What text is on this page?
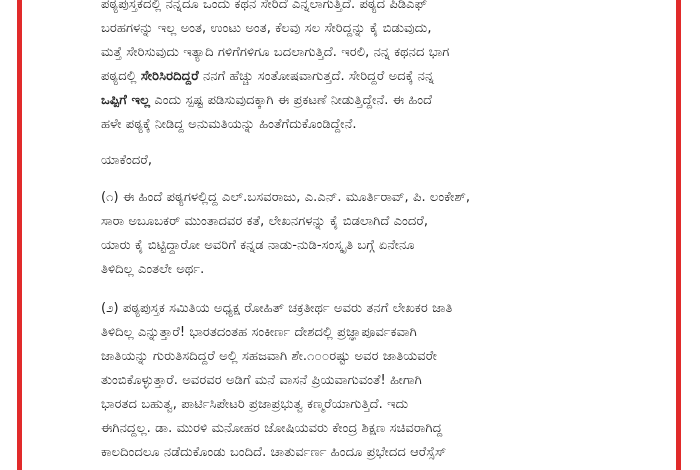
ಪಠ್ಯಪುಸ್ತಕದಲ್ಲಿ ನನ್ನದೂ ಒಂದು ಕಥನ ಸೇರಿದೆ ಎನ್ನಲಾಗುತ್ತಿದೆ. ಪಠ್ಯದ ಪಿಡಿಎಫ್
ಬರಹಗಳನ್ನು ಇಲ್ಲ ಅಂತ, ಉಂಟು ಅಂತ, ಕೆಲವು ಸಲ ಸೇರಿದ್ದನ್ನು ಕೈ ಬಿಡುವುದು,
ಮತ್ತೆ ಸೇರಿಸುವುದು ಇತ್ಯಾದಿ ಗಳಿಗೆಗಳಿಗೂ ಬದಲಾಗುತ್ತಿದೆ. ಇರಲಿ, ನನ್ನ ಕಥನದ ಭಾಗ
ಪಠ್ಯದಲ್ಲಿ ಸೇರಿಸಿರದಿದ್ದರೆ ನನಗೆ ಹೆಚ್ಚು ಸಂತೋಷವಾಗುತ್ತದೆ. ಸೇರಿದ್ದರೆ ಅದಕ್ಕೆ ನನ್ನ
ಒಪ್ಪಿಗೆ ಇಲ್ಲ ಎಂದು ಸ್ಪಷ್ಟ ಪಡಿಸುವುದಕ್ಕಾಗಿ ಈ ಪ್ರಕಟಣೆ ನೀಡುತ್ತಿದ್ದೇನೆ. ಈ ಹಿಂದೆ
ಹಳೇ ಪಠ್ಯಕ್ಕೆ ನೀಡಿದ್ದ ಅನುಮತಿಯನ್ನು ಹಿಂತೆಗೆದುಕೊಂಡಿದ್ದೇನೆ.

ಯಾಕೆಂದರೆ,

(೧) ಈ ಹಿಂದೆ ಪಠ್ಯಗಳಲ್ಲಿದ್ದ ಎಲ್.ಬಸವರಾಜು, ಎ.ಎನ್. ಮೂರ್ತಿರಾವ್, ಪಿ. ಲಂಕೇಶ್,
ಸಾರಾ ಅಬೂಬಕರ್ ಮುಂತಾದವರ ಕತೆ, ಲೇಖನಗಳನ್ನು ಕೈ ಬಿಡಲಾಗಿದೆ ಎಂದರೆ,
ಯಾರು ಕೈ ಬಿಟ್ಟಿದ್ದಾರೋ ಅವರಿಗೆ ಕನ್ನಡ ನಾಡು-ನುಡಿ-ಸಂಸ್ಕೃತಿ ಬಗ್ಗೆ ಏನೇನೂ
ತಿಳಿದಿಲ್ಲ ಎಂತಲೇ ಅರ್ಥ.

(೨) ಪಠ್ಯಪುಸ್ತಕ ಸಮಿತಿಯ ಅಧ್ಯಕ್ಷ ರೋಹಿತ್ ಚಕ್ರತೀರ್ಥ ಅವರು ತನಗೆ ಲೇಖಕರ ಜಾತಿ
ತಿಳಿದಿಲ್ಲ ಎನ್ನುತ್ತಾರೆ! ಭಾರತದಂತಹ ಸಂಕೀರ್ಣ ದೇಶದಲ್ಲಿ ಪ್ರಜ್ಞಾಪೂರ್ವಕವಾಗಿ
ಜಾತಿಯನ್ನು ಗುರುತಿಸದಿದ್ದರೆ ಅಲ್ಲಿ ಸಹಜವಾಗಿ ಶೇ.೧೦೦ರಷ್ಟು ಅವರ ಜಾತಿಯವರೇ
ತುಂಬಿಕೊಳ್ಳುತ್ತಾರೆ. ಅವರವರ ಅಡಿಗೆ ಮನೆ ವಾಸನೆ ಪ್ರಿಯವಾಗುವಂತೆ! ಹೀಗಾಗಿ
ಭಾರತದ ಬಹುತ್ವ, ಪಾರ್ಟಿಸಿಪೇಟರಿ ಪ್ರಜಾಪ್ರಭುತ್ವ ಕಣ್ಮರೆಯಾಗುತ್ತಿದೆ. ಇದು
ಈಗಿನದ್ದಲ್ಲ. ಡಾ. ಮುರಳಿ ಮನೋಹರ ಜೋಷಿಯವರು ಕೇಂದ್ರ ಶಿಕ್ಷಣ ಸಚಿವರಾಗಿದ್ದ
ಕಾಲದಿಂದಲೂ ನಡೆದುಕೊಂಡು ಬಂದಿದೆ. ಚಾತುರ್ವರ್ಣ ಹಿಂದೂ ಪ್ರಭೇದದ ಆರೆಸ್ಸೆಸ್
